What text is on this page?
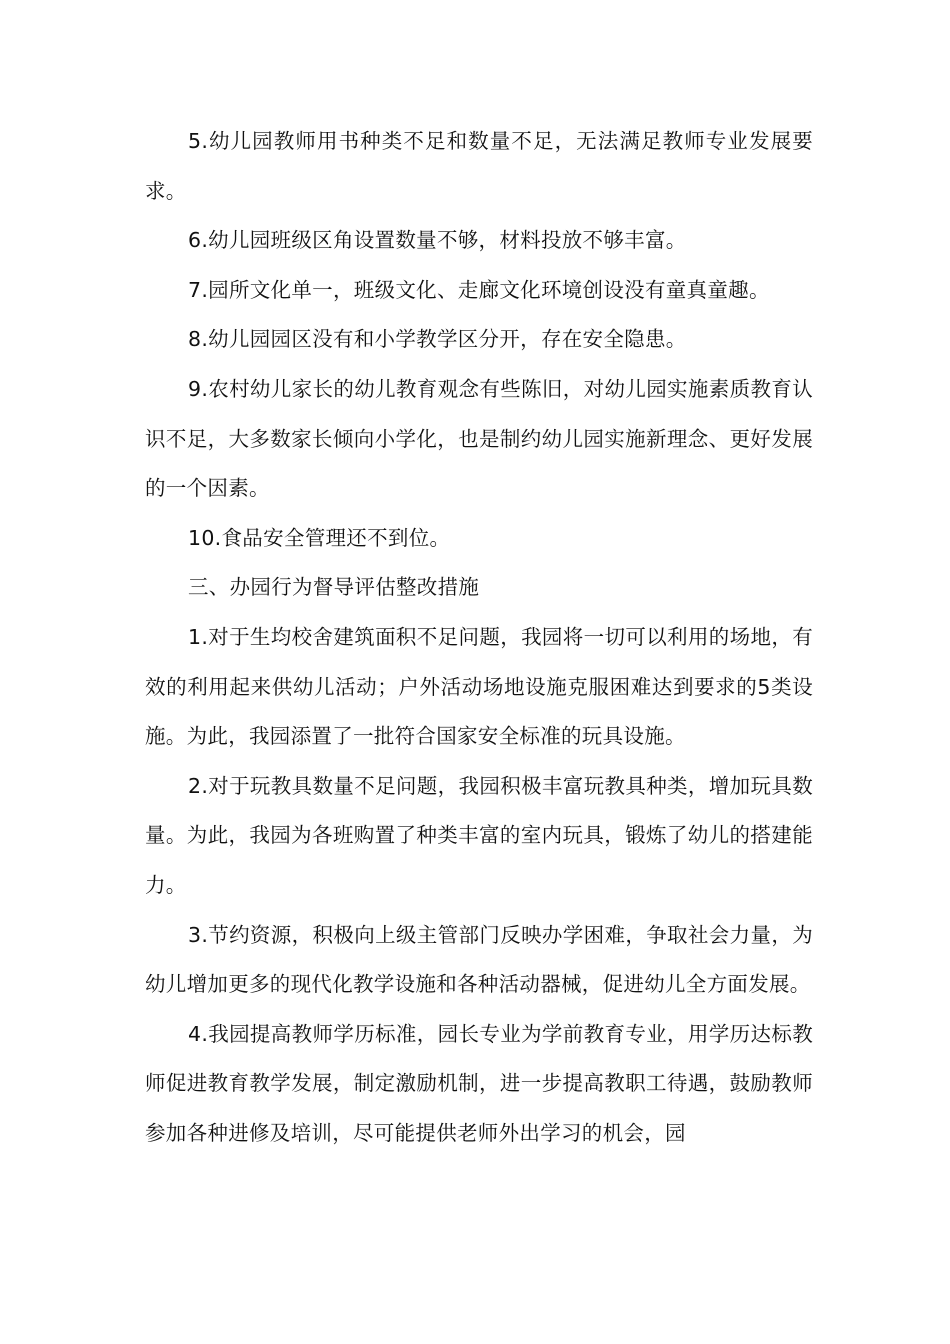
5.幼儿园教师用书种类不足和数量不足，无法满足教师专业发展要求。

6.幼儿园班级区角设置数量不够，材料投放不够丰富。

7.园所文化单一，班级文化、走廊文化环境创设没有童真童趣。

8.幼儿园园区没有和小学教学区分开，存在安全隐患。

9.农村幼儿家长的幼儿教育观念有些陈旧，对幼儿园实施素质教育认识不足，大多数家长倾向小学化，也是制约幼儿园实施新理念、更好发展的一个因素。

10.食品安全管理还不到位。

三、办园行为督导评估整改措施

1.对于生均校舍建筑面积不足问题，我园将一切可以利用的场地，有效的利用起来供幼儿活动；户外活动场地设施克服困难达到要求的5类设施。为此，我园添置了一批符合国家安全标准的玩具设施。

2.对于玩教具数量不足问题，我园积极丰富玩教具种类，增加玩具数量。为此，我园为各班购置了种类丰富的室内玩具，锻炼了幼儿的搭建能力。

3.节约资源，积极向上级主管部门反映办学困难，争取社会力量，为幼儿增加更多的现代化教学设施和各种活动器械，促进幼儿全方面发展。

4.我园提高教师学历标准，园长专业为学前教育专业，用学历达标教师促进教育教学发展，制定激励机制，进一步提高教职工待遇，鼓励教师参加各种进修及培训，尽可能提供老师外出学习的机会，园
